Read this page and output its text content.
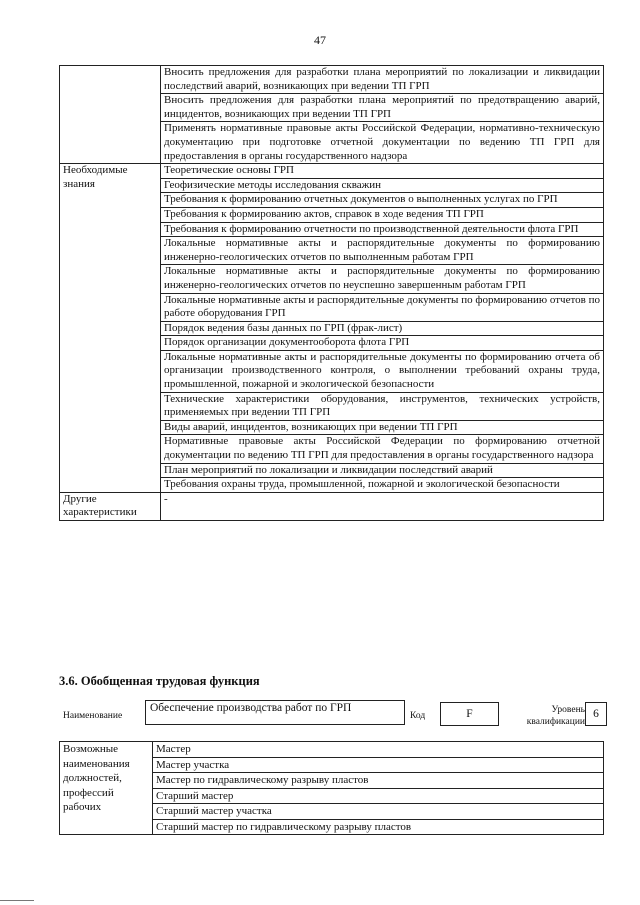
47
	Вносить предложения для разработки плана мероприятий по локализации и ликвидации последствий аварий, возникающих при ведении ТП ГРП
	Вносить предложения для разработки плана мероприятий по предотвращению аварий, инцидентов, возникающих при ведении ТП ГРП
	Применять нормативные правовые акты Российской Федерации, нормативно-техническую документацию при подготовке отчетной документации по ведению ТП ГРП для предоставления в органы государственного надзора
Необходимые знания	Теоретические основы ГРП
	Геофизические методы исследования скважин
	Требования к формированию отчетных документов о выполненных услугах по ГРП
	Требования к формированию актов, справок в ходе ведения ТП ГРП
	Требования к формированию отчетности по производственной деятельности флота ГРП
	Локальные нормативные акты и распорядительные документы по формированию инженерно-геологических отчетов по выполненным работам ГРП
	Локальные нормативные акты и распорядительные документы по формированию инженерно-геологических отчетов по неуспешно завершенным работам ГРП
	Локальные нормативные акты и распорядительные документы по формированию отчетов по работе оборудования ГРП
	Порядок ведения базы данных по ГРП (фрак-лист)
	Порядок организации документооборота флота ГРП
	Локальные нормативные акты и распорядительные документы по формированию отчета об организации производственного контроля, о выполнении требований охраны труда, промышленной, пожарной и экологической безопасности
	Технические характеристики оборудования, инструментов, технических устройств, применяемых при ведении ТП ГРП
	Виды аварий, инцидентов, возникающих при ведении ТП ГРП
	Нормативные правовые акты Российской Федерации по формированию отчетной документации по ведению ТП ГРП для предоставления в органы государственного надзора
	План мероприятий по локализации и ликвидации последствий аварий
	Требования охраны труда, промышленной, пожарной и экологической безопасности
Другие характеристики	-
3.6. Обобщенная трудовая функция
Наименование
Обеспечение производства работ по ГРП
Код	F	Уровень квалификации
6
Возможные наименования должностей, профессий рабочих	Мастер
Мастер участка
Мастер по гидравлическому разрыву пластов
Старший мастер
Старший мастер участка
Старший мастер по гидравлическому разрыву пластов
